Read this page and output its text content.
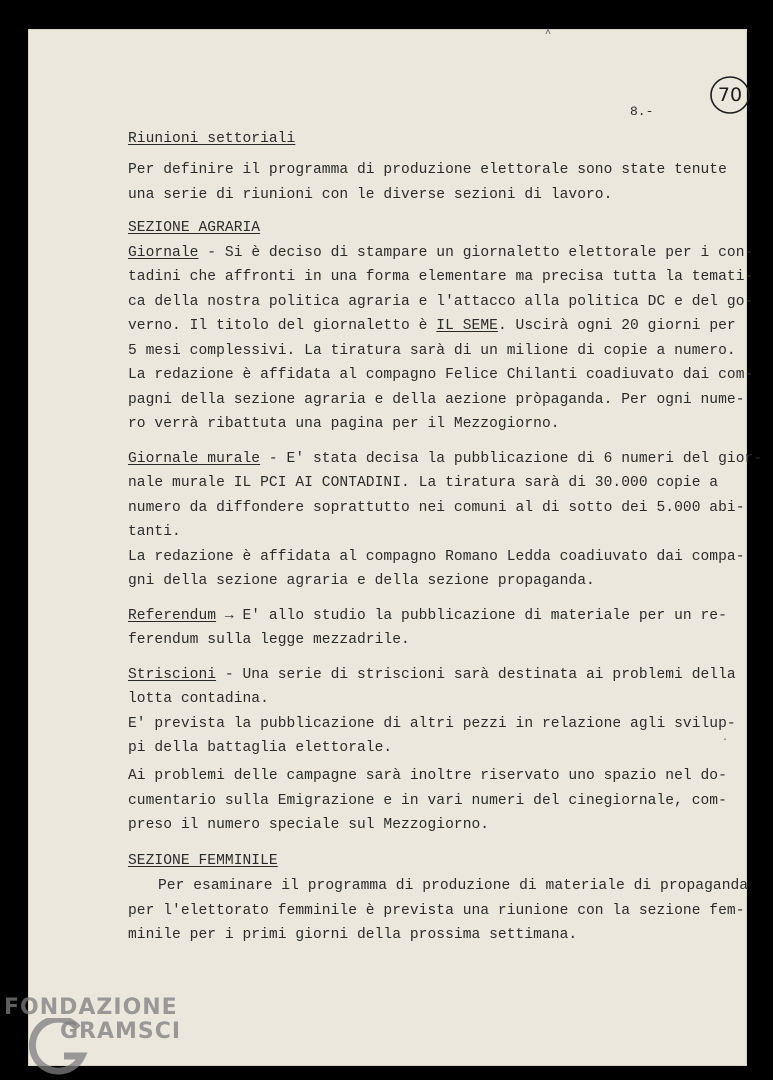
70
8.-

Riunioni settoriali

Per definire il programma di produzione elettorale sono state tenute

una serie di riunioni con le diverse sezioni di lavoro.

SEZIONE AGRARIA

Giornale - Si è deciso di stampare un giornaletto elettorale per i con-

tadini che affronti in una forma elementare ma precisa tutta la temati-

ca della nostra politica agraria e l'attacco alla politica DC e del go-

verno. Il titolo del giornaletto è IL SEME. Uscirà ogni 20 giorni per

5 mesi complessivi. La tiratura sarà di un milione di copie a numero.

La redazione è affidata al compagno Felice Chilanti coadiuvato dai com-

pagni della sezione agraria e della aezione pròpaganda. Per ogni nume-

ro verrà ribattuta una pagina per il Mezzogiorno.

Giornale murale - E' stata decisa la pubblicazione di 6 numeri del gior-

nale murale IL PCI AI CONTADINI. La tiratura sarà di 30.000 copie a

numero da diffondere soprattutto nei comuni al di sotto dei 5.000 abi-

tanti.

La redazione è affidata al compagno Romano Ledda coadiuvato dai compa-

gni della sezione agraria e della sezione propaganda.

Referendum → E' allo studio la pubblicazione di materiale per un re-

ferendum sulla legge mezzadrile.

Striscioni - Una serie di striscioni sarà destinata ai problemi della

lotta contadina.

E' prevista la pubblicazione di altri pezzi in relazione agli svilup-

pi della battaglia elettorale.

Ai problemi delle campagne sarà inoltre riservato uno spazio nel do-

cumentario sulla Emigrazione e in vari numeri del cinegiornale, com-

preso il numero speciale sul Mezzogiorno.

SEZIONE FEMMINILE

Per esaminare il programma di produzione di materiale di propaganda

per l'elettorato femminile è prevista una riunione con la sezione fem-

minile per i primi giorni della prossima settimana.

˄
·
FONDAZIONE
GRAMSCI
